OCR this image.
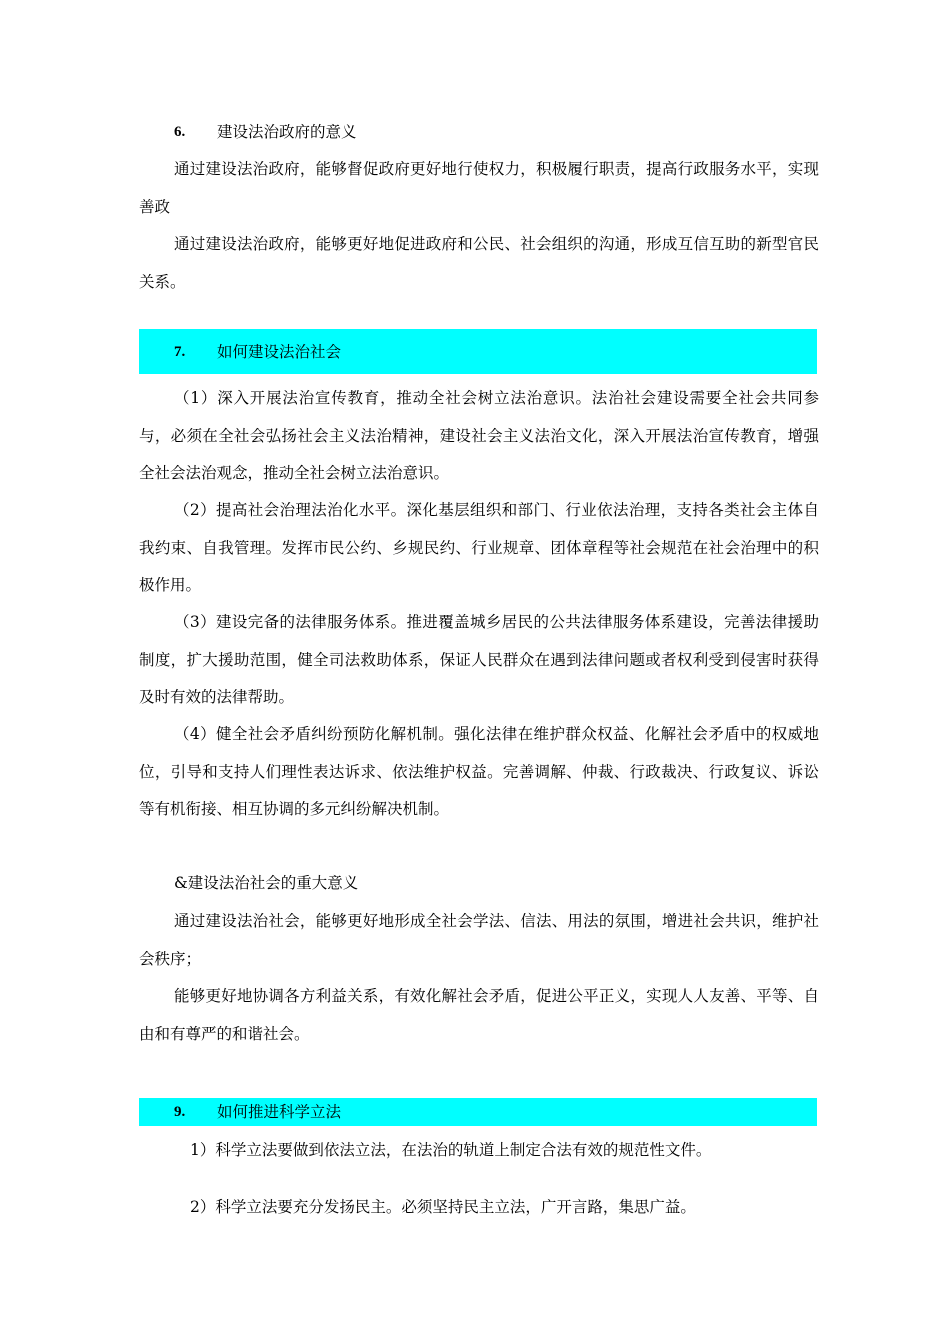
6.	建设法治政府的意义
通过建设法治政府，能够督促政府更好地行使权力，积极履行职责，提高行政服务水平，实现善政
通过建设法治政府，能够更好地促进政府和公民、社会组织的沟通，形成互信互助的新型官民关系。
7.	如何建设法治社会
（1）深入开展法治宣传教育，推动全社会树立法治意识。法治社会建设需要全社会共同参与，必须在全社会弘扬社会主义法治精神，建设社会主义法治文化，深入开展法治宣传教育，增强全社会法治观念，推动全社会树立法治意识。
（2）提高社会治理法治化水平。深化基层组织和部门、行业依法治理，支持各类社会主体自我约束、自我管理。发挥市民公约、乡规民约、行业规章、团体章程等社会规范在社会治理中的积极作用。
（3）建设完备的法律服务体系。推进覆盖城乡居民的公共法律服务体系建设，完善法律援助制度，扩大援助范围，健全司法救助体系，保证人民群众在遇到法律问题或者权利受到侵害时获得及时有效的法律帮助。
（4）健全社会矛盾纠纷预防化解机制。强化法律在维护群众权益、化解社会矛盾中的权威地位，引导和支持人们理性表达诉求、依法维护权益。完善调解、仲裁、行政裁决、行政复议、诉讼等有机衔接、相互协调的多元纠纷解决机制。
&建设法治社会的重大意义
通过建设法治社会，能够更好地形成全社会学法、信法、用法的氛围，增进社会共识，维护社会秩序；
能够更好地协调各方利益关系，有效化解社会矛盾，促进公平正义，实现人人友善、平等、自由和有尊严的和谐社会。
9.	如何推进科学立法
1）科学立法要做到依法立法，在法治的轨道上制定合法有效的规范性文件。
2）科学立法要充分发扬民主。必须坚持民主立法，广开言路，集思广益。
